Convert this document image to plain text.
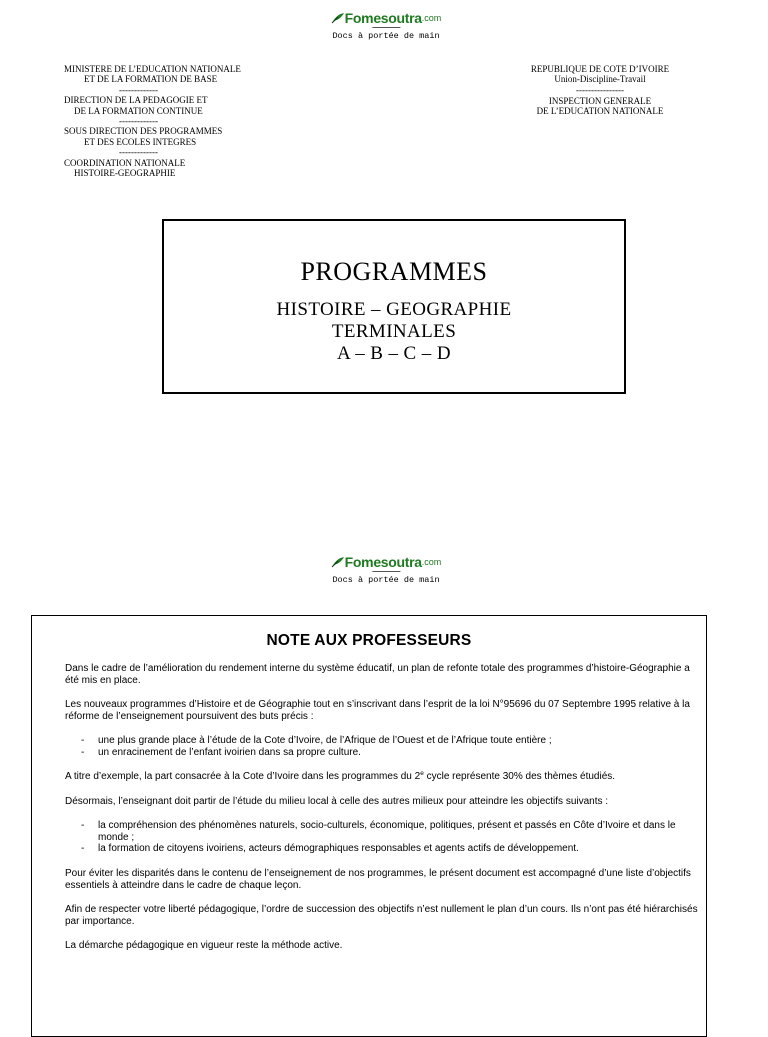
Fomesoutra .com
Docs à portée de main
MINISTERE DE L’EDUCATION NATIONALE
ET DE LA FORMATION DE BASE
-------------
DIRECTION DE LA PEDAGOGIE ET
DE LA FORMATION CONTINUE
-------------
SOUS DIRECTION DES PROGRAMMES
ET DES ECOLES INTEGRES
-------------
COORDINATION NATIONALE
HISTOIRE-GEOGRAPHIE
REPUBLIQUE DE COTE D’IVOIRE
Union-Discipline-Travail
----------------
INSPECTION GENERALE
DE L’EDUCATION NATIONALE
PROGRAMMES
HISTOIRE – GEOGRAPHIE
TERMINALES
A – B – C – D
Fomesoutra .com
Docs à portée de main
NOTE AUX PROFESSEURS

Dans le cadre de l’amélioration du rendement interne du système éducatif, un plan de refonte totale des programmes d’histoire-Géographie a été mis en place.

Les nouveaux programmes d’Histoire et de Géographie tout en s’inscrivant dans l’esprit de la loi N°95696 du 07 Septembre 1995 relative à la réforme de l’enseignement poursuivent des buts précis :

- une plus grande place à l’étude de la Cote d’Ivoire, de l’Afrique de l’Ouest et de l’Afrique toute entière ;
- un enracinement de l’enfant ivoirien dans sa propre culture.

A titre d’exemple, la part consacrée à la Cote d’Ivoire dans les programmes du 2e cycle représente 30% des thèmes étudiés.

Désormais, l’enseignant doit partir de l’étude du milieu local à celle des autres milieux pour atteindre les objectifs suivants :

- la compréhension des phénomènes naturels, socio-culturels, économique, politiques, présent et passés en Côte d’Ivoire et dans le monde ;
- la formation de citoyens ivoiriens, acteurs démographiques responsables et agents actifs de développement.

Pour éviter les disparités dans le contenu de l’enseignement de nos programmes, le présent document est accompagné d’une liste d’objectifs essentiels à atteindre dans le cadre de chaque leçon.

Afin de respecter votre liberté pédagogique, l’ordre de succession des objectifs n’est nullement le plan d’un cours. Ils n’ont pas été hiérarchisés par importance.

La démarche pédagogique en vigueur reste la méthode active.
